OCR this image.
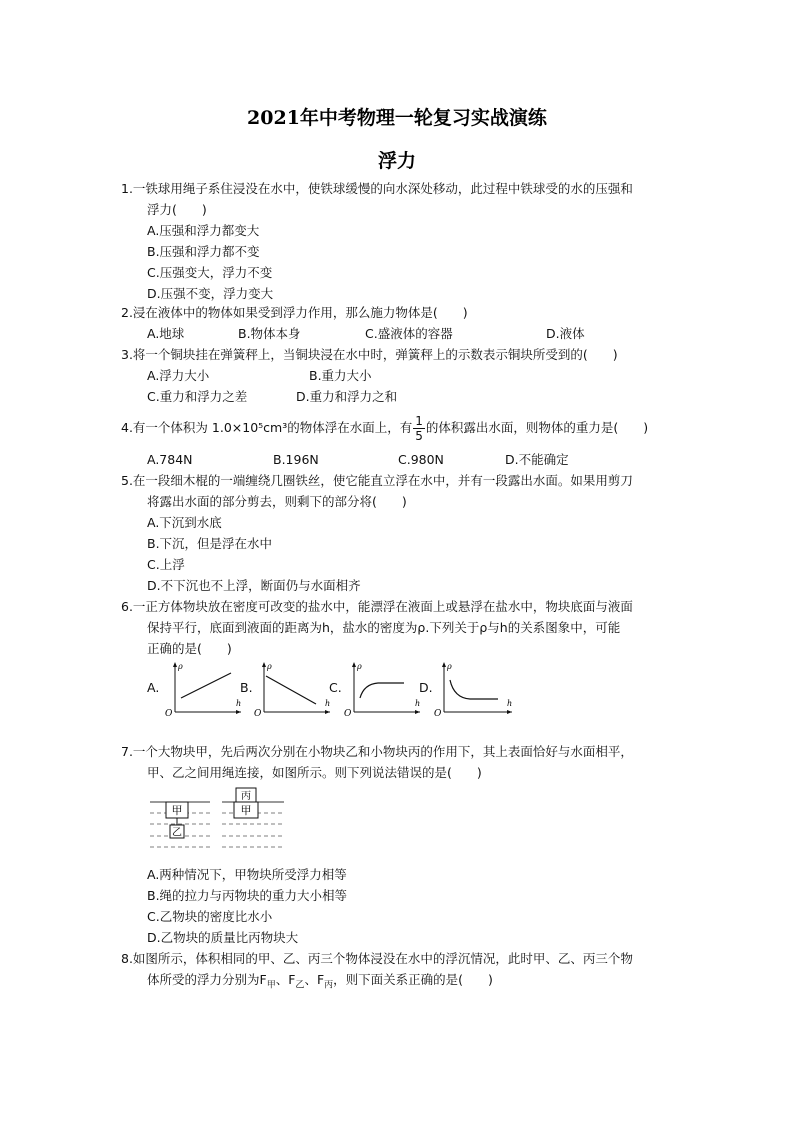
2021年中考物理一轮复习实战演练
浮力
1.一铁球用绳子系住浸没在水中，使铁球缓慢的向水深处移动，此过程中铁球受的水的压强和
浮力(　　)
A.压强和浮力都变大
B.压强和浮力都不变
C.压强变大，浮力不变
D.压强不变，浮力变大
2.浸在液体中的物体如果受到浮力作用，那么施力物体是(　　)
A.地球	B.物体本身	C.盛液体的容器	D.液体
3.将一个铜块挂在弹簧秤上，当铜块浸在水中时，弹簧秤上的示数表示铜块所受到的(　　)
A.浮力大小	B.重力大小
C.重力和浮力之差	D.重力和浮力之和
4.有一个体积为 1.0×10⁵cm³的物体浮在水面上，有 $\frac{1}{5}$ 的体积露出水面，则物体的重力是(　　)
A.784N	B.196N	C.980N	D.不能确定
5.在一段细木棍的一端缠绕几圈铁丝，使它能直立浮在水中，并有一段露出水面。如果用剪刀
将露出水面的部分剪去，则剩下的部分将(　　)
A.下沉到水底
B.下沉，但是浮在水中
C.上浮
D.不下沉也不上浮，断面仍与水面相齐
6.一正方体物块放在密度可改变的盐水中，能漂浮在液面上或悬浮在盐水中，物块底面与液面
保持平行，底面到液面的距离为h，盐水的密度为ρ.下列关于ρ与h的关系图象中，可能
正确的是(　　)
A.
ρ
h
O
B.
ρ
h
O
C.
ρ
h
O
D.
ρ
h
O
7.一个大物块甲，先后两次分别在小物块乙和小物块丙的作用下，其上表面恰好与水面相平，
甲、乙之间用绳连接，如图所示。则下列说法错误的是(　　)
甲
乙
丙
甲
A.两种情况下，甲物块所受浮力相等
B.绳的拉力与丙物块的重力大小相等
C.乙物块的密度比水小
D.乙物块的质量比丙物块大
8.如图所示，体积相同的甲、乙、丙三个物体浸没在水中的浮沉情况，此时甲、乙、丙三个物
体所受的浮力分别为$F_甲$、$F_乙$、$F_丙$，则下面关系正确的是(　　)
